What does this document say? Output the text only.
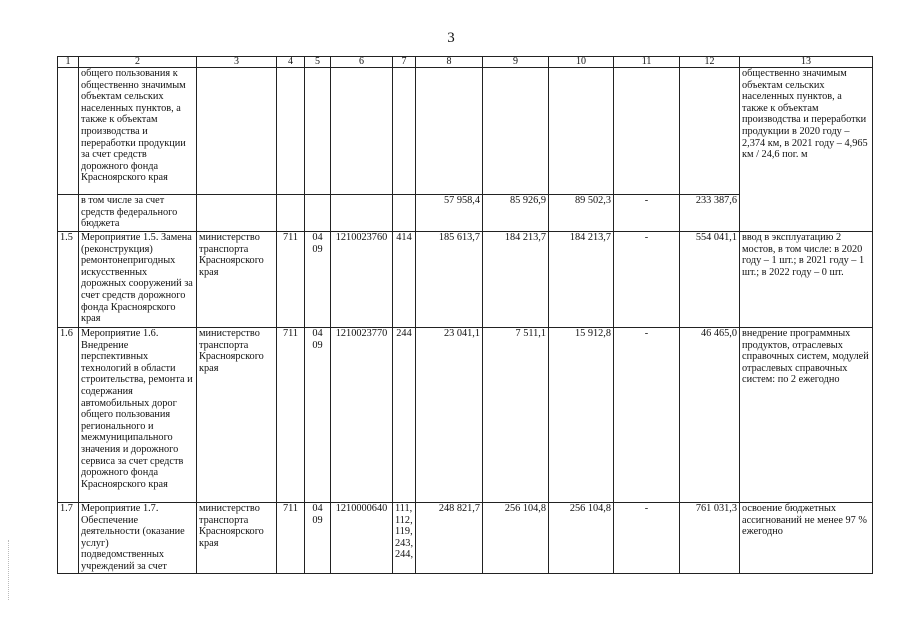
3
1	2	3	4	5	6	7	8	9	10	11	12	13
	общего пользования к общественно значимым объектам сельских населенных пунктов, а также к объектам производства и переработки продукции за счет средств дорожного фонда Красноярского края											общественно значимым объектам сельских населенных пунктов, а также к объектам производства и переработки продукции в 2020 году – 2,374 км, в 2021 году – 4,965 км / 24,6 пог. м
	в том числе за счет средств федерального бюджета						57 958,4	85 926,9	89 502,3	-	233 387,6	
1.5	Мероприятие 1.5. Замена (реконструкция) ремонтонепригодных искусственных дорожных сооружений за счет средств дорожного фонда Красноярского края	министерство транспорта Красноярского края	711	04 09	1210023760	414	185 613,7	184 213,7	184 213,7	-	554 041,1	ввод в эксплуатацию 2 мостов, в том числе: в 2020 году – 1 шт.; в 2021 году – 1 шт.; в 2022 году – 0 шт.
1.6	Мероприятие 1.6. Внедрение перспективных технологий в области строительства, ремонта и содержания автомобильных дорог общего пользования регионального и межмуниципального значения и дорожного сервиса за счет средств дорожного фонда Красноярского края	министерство транспорта Красноярского края	711	04 09	1210023770	244	23 041,1	7 511,1	15 912,8	-	46 465,0	внедрение программных продуктов, отраслевых справочных систем, модулей отраслевых справочных систем: по 2 ежегодно
1.7	Мероприятие 1.7. Обеспечение деятельности (оказание услуг) подведомственных учреждений за счет	министерство транспорта Красноярского края	711	04 09	1210000640	111, 112, 119, 243, 244,	248 821,7	256 104,8	256 104,8	-	761 031,3	освоение бюджетных ассигнований не менее 97 % ежегодно
